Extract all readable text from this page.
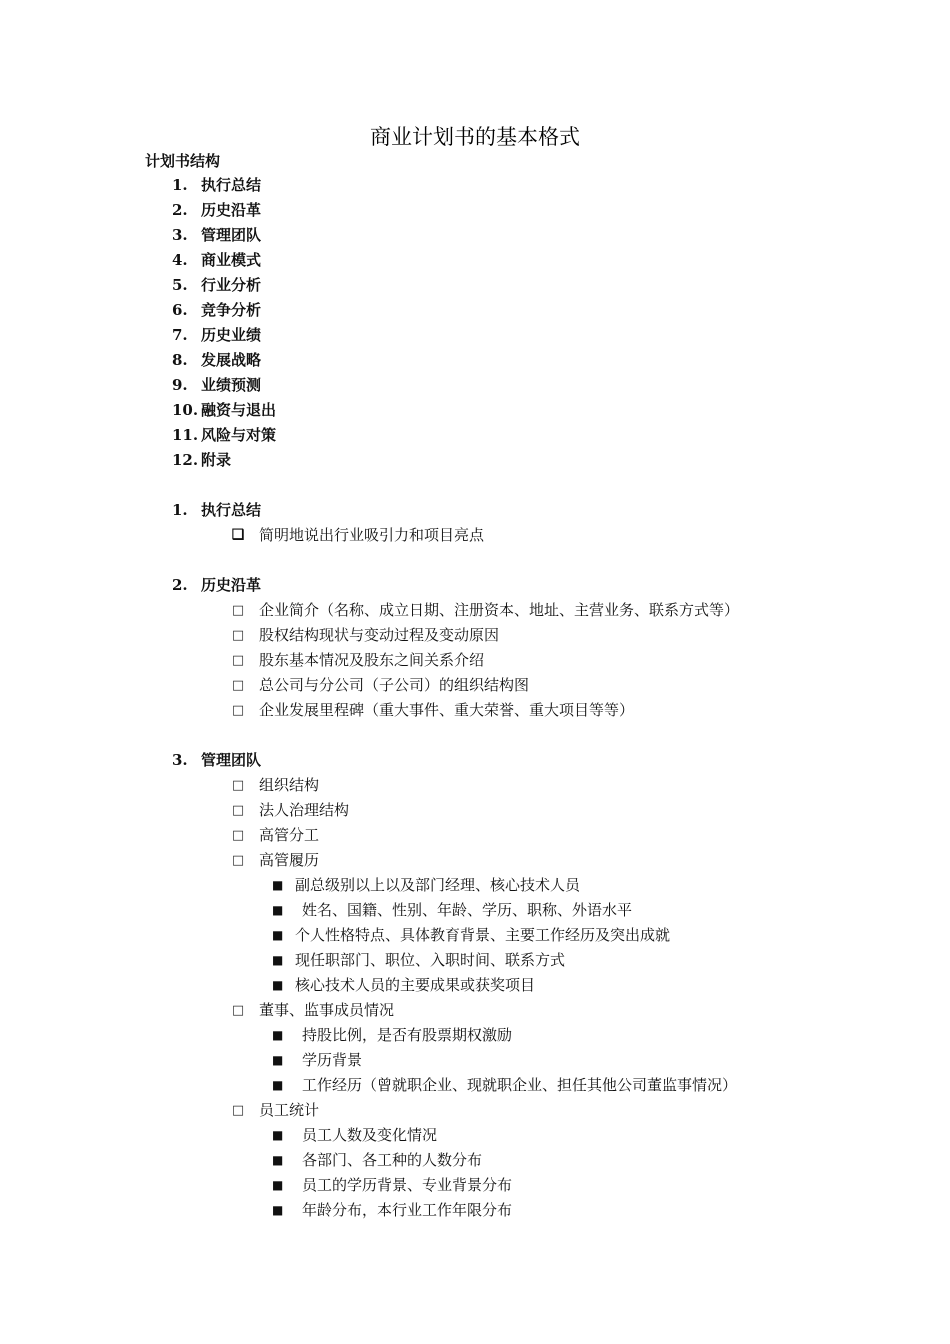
商业计划书的基本格式
计划书结构
1. 执行总结
2. 历史沿革
3. 管理团队
4. 商业模式
5. 行业分析
6. 竞争分析
7. 历史业绩
8. 发展战略
9. 业绩预测
10. 融资与退出
11. 风险与对策
12. 附录
1. 执行总结
❑ 简明地说出行业吸引力和项目亮点
2. 历史沿革
□ 企业简介（名称、成立日期、注册资本、地址、主营业务、联系方式等）
□ 股权结构现状与变动过程及变动原因
□ 股东基本情况及股东之间关系介绍
□ 总公司与分公司（子公司）的组织结构图
□ 企业发展里程碑（重大事件、重大荣誉、重大项目等等）
3. 管理团队
□ 组织结构
□ 法人治理结构
□ 高管分工
□ 高管履历
■ 副总级别以上以及部门经理、核心技术人员
■ 姓名、国籍、性别、年龄、学历、职称、外语水平
■ 个人性格特点、具体教育背景、主要工作经历及突出成就
■ 现任职部门、职位、入职时间、联系方式
■ 核心技术人员的主要成果或获奖项目
□ 董事、监事成员情况
■ 持股比例，是否有股票期权激励
■ 学历背景
■ 工作经历（曾就职企业、现就职企业、担任其他公司董监事情况）
□ 员工统计
■ 员工人数及变化情况
■ 各部门、各工种的人数分布
■ 员工的学历背景、专业背景分布
■ 年龄分布，本行业工作年限分布
